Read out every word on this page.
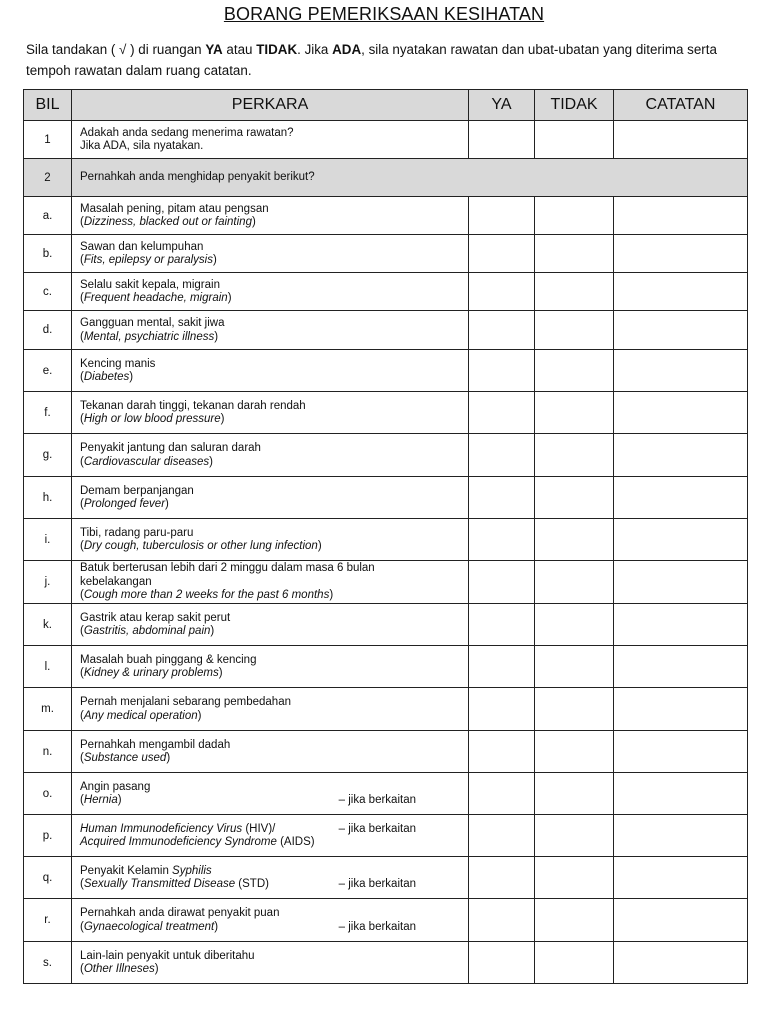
BORANG PEMERIKSAAN KESIHATAN
Sila tandakan ( √ ) di ruangan YA atau TIDAK. Jika ADA, sila nyatakan rawatan dan ubat-ubatan yang diterima serta tempoh rawatan dalam ruang catatan.
BIL	PERKARA	YA	TIDAK	CATATAN
1	Adakah anda sedang menerima rawatan?
Jika ADA, sila nyatakan.			

2	Pernahkah anda menghidap penyakit berikut?			
a.	Masalah pening, pitam atau pengsan
(Dizziness, blacked out or fainting)			

b.	Sawan dan kelumpuhan
(Fits, epilepsy or paralysis)			

c.	Selalu sakit kepala, migrain
(Frequent headache, migrain)			

d.	Gangguan mental, sakit jiwa
(Mental, psychiatric illness)			

e.	Kencing manis
(Diabetes)			

f.	Tekanan darah tinggi, tekanan darah rendah
(High or low blood pressure)			

g.	Penyakit jantung dan saluran darah
(Cardiovascular diseases)			

h.	Demam berpanjangan
(Prolonged fever)			

i.	Tibi, radang paru-paru
(Dry cough, tuberculosis or other lung infection)			

j.	Batuk berterusan lebih dari 2 minggu dalam masa 6 bulan
kebelakangan
(Cough more than 2 weeks for the past 6 months)			

k.	Gastrik atau kerap sakit perut
(Gastritis, abdominal pain)			

l.	Masalah buah pinggang & kencing
(Kidney & urinary problems)			

m.	Pernah menjalani sebarang pembedahan
(Any medical operation)			

n.	Pernahkah mengambil dadah
(Substance used)			

o.	Angin pasang
(Hernia) – jika berkaitan			

p.	Human Immunodeficiency Virus (HIV)/ – jika berkaitan
Acquired Immunodeficiency Syndrome (AIDS)			

q.	Penyakit Kelamin Syphilis
(Sexually Transmitted Disease (STD) – jika berkaitan			

r.	Pernahkah anda dirawat penyakit puan
(Gynaecological treatment) – jika berkaitan			

s.	Lain-lain penyakit untuk diberitahu
(Other Illneses)			
